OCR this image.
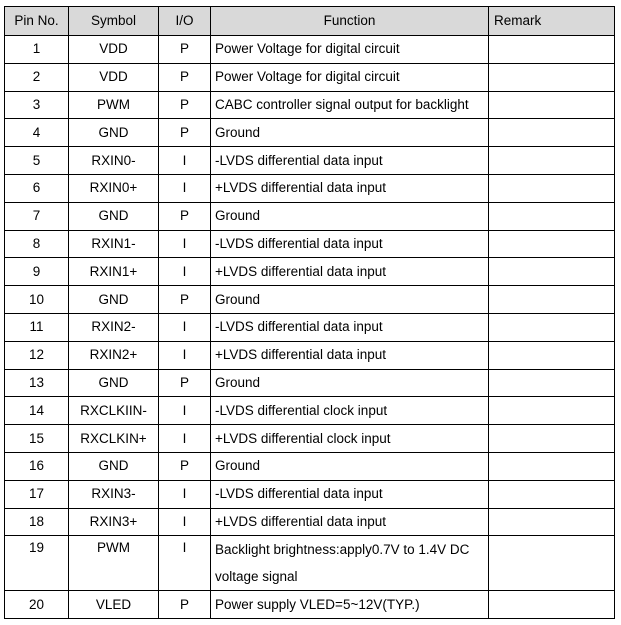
Pin No.	Symbol	I/O	Function	Remark
1	VDD	P	Power Voltage for digital circuit	
2	VDD	P	Power Voltage for digital circuit	
3	PWM	P	CABC controller signal output for backlight	
4	GND	P	Ground	
5	RXIN0-	I	-LVDS differential data input	
6	RXIN0+	I	+LVDS differential data input	
7	GND	P	Ground	
8	RXIN1-	I	-LVDS differential data input	
9	RXIN1+	I	+LVDS differential data input	
10	GND	P	Ground	
11	RXIN2-	I	-LVDS differential data input	
12	RXIN2+	I	+LVDS differential data input	
13	GND	P	Ground	
14	RXCLKIIN-	I	-LVDS differential clock input	
15	RXCLKIN+	I	+LVDS differential clock input	
16	GND	P	Ground	
17	RXIN3-	I	-LVDS differential data input	
18	RXIN3+	I	+LVDS differential data input	
19	PWM	I	Backlight brightness:apply0.7V to 1.4V DC voltage signal	
20	VLED	P	Power supply VLED=5~12V(TYP.)	
